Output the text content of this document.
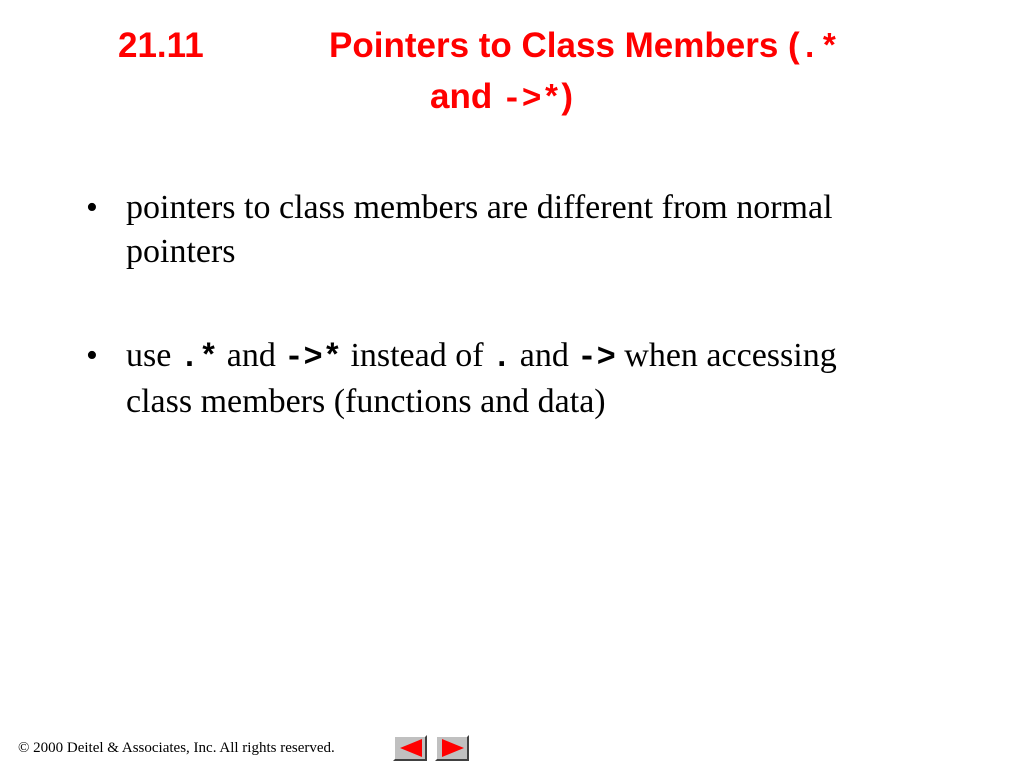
21.11	Pointers to Class Members (.*
and ->*)
• pointers to class members are different from normal pointers
• use .* and ->* instead of . and -> when accessing class members (functions and data)
© 2000 Deitel & Associates, Inc. All rights reserved.
